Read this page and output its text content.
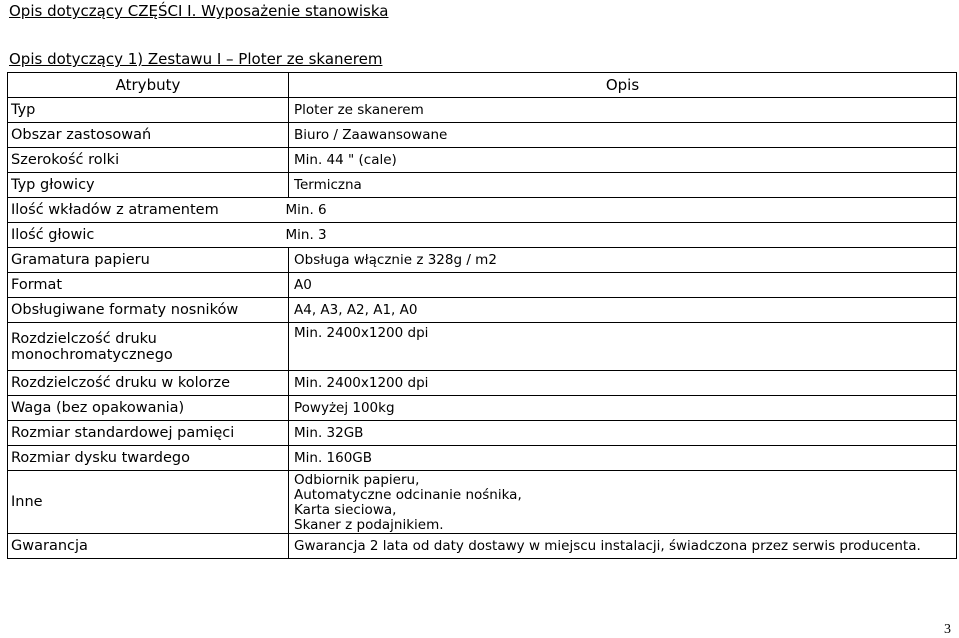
Opis dotyczący CZĘŚCI I. Wyposażenie stanowiska
Opis dotyczący 1) Zestawu I – Ploter ze skanerem
Atrybuty	Opis
Typ	Ploter ze skanerem
Obszar zastosowań	Biuro / Zaawansowane
Szerokość rolki	Min. 44 " (cale)
Typ głowicy	Termiczna
Ilość wkładów z atramentem	Min. 6
Ilość głowic	Min. 3
Gramatura papieru	Obsługa włącznie z 328g / m2
Format	A0
Obsługiwane formaty nosników	A4, A3, A2, A1, A0
Rozdzielczość druku monochromatycznego	Min. 2400x1200 dpi
Rozdzielczość druku w kolorze	Min. 2400x1200 dpi
Waga (bez opakowania)	Powyżej 100kg
Rozmiar standardowej pamięci	Min. 32GB
Rozmiar dysku twardego	Min. 160GB
Inne	Odbiornik papieru,
Automatyczne odcinanie nośnika,
Karta sieciowa,
Skaner z podajnikiem.
Gwarancja	Gwarancja 2 lata od daty dostawy w miejscu instalacji, świadczona przez serwis producenta.
3
